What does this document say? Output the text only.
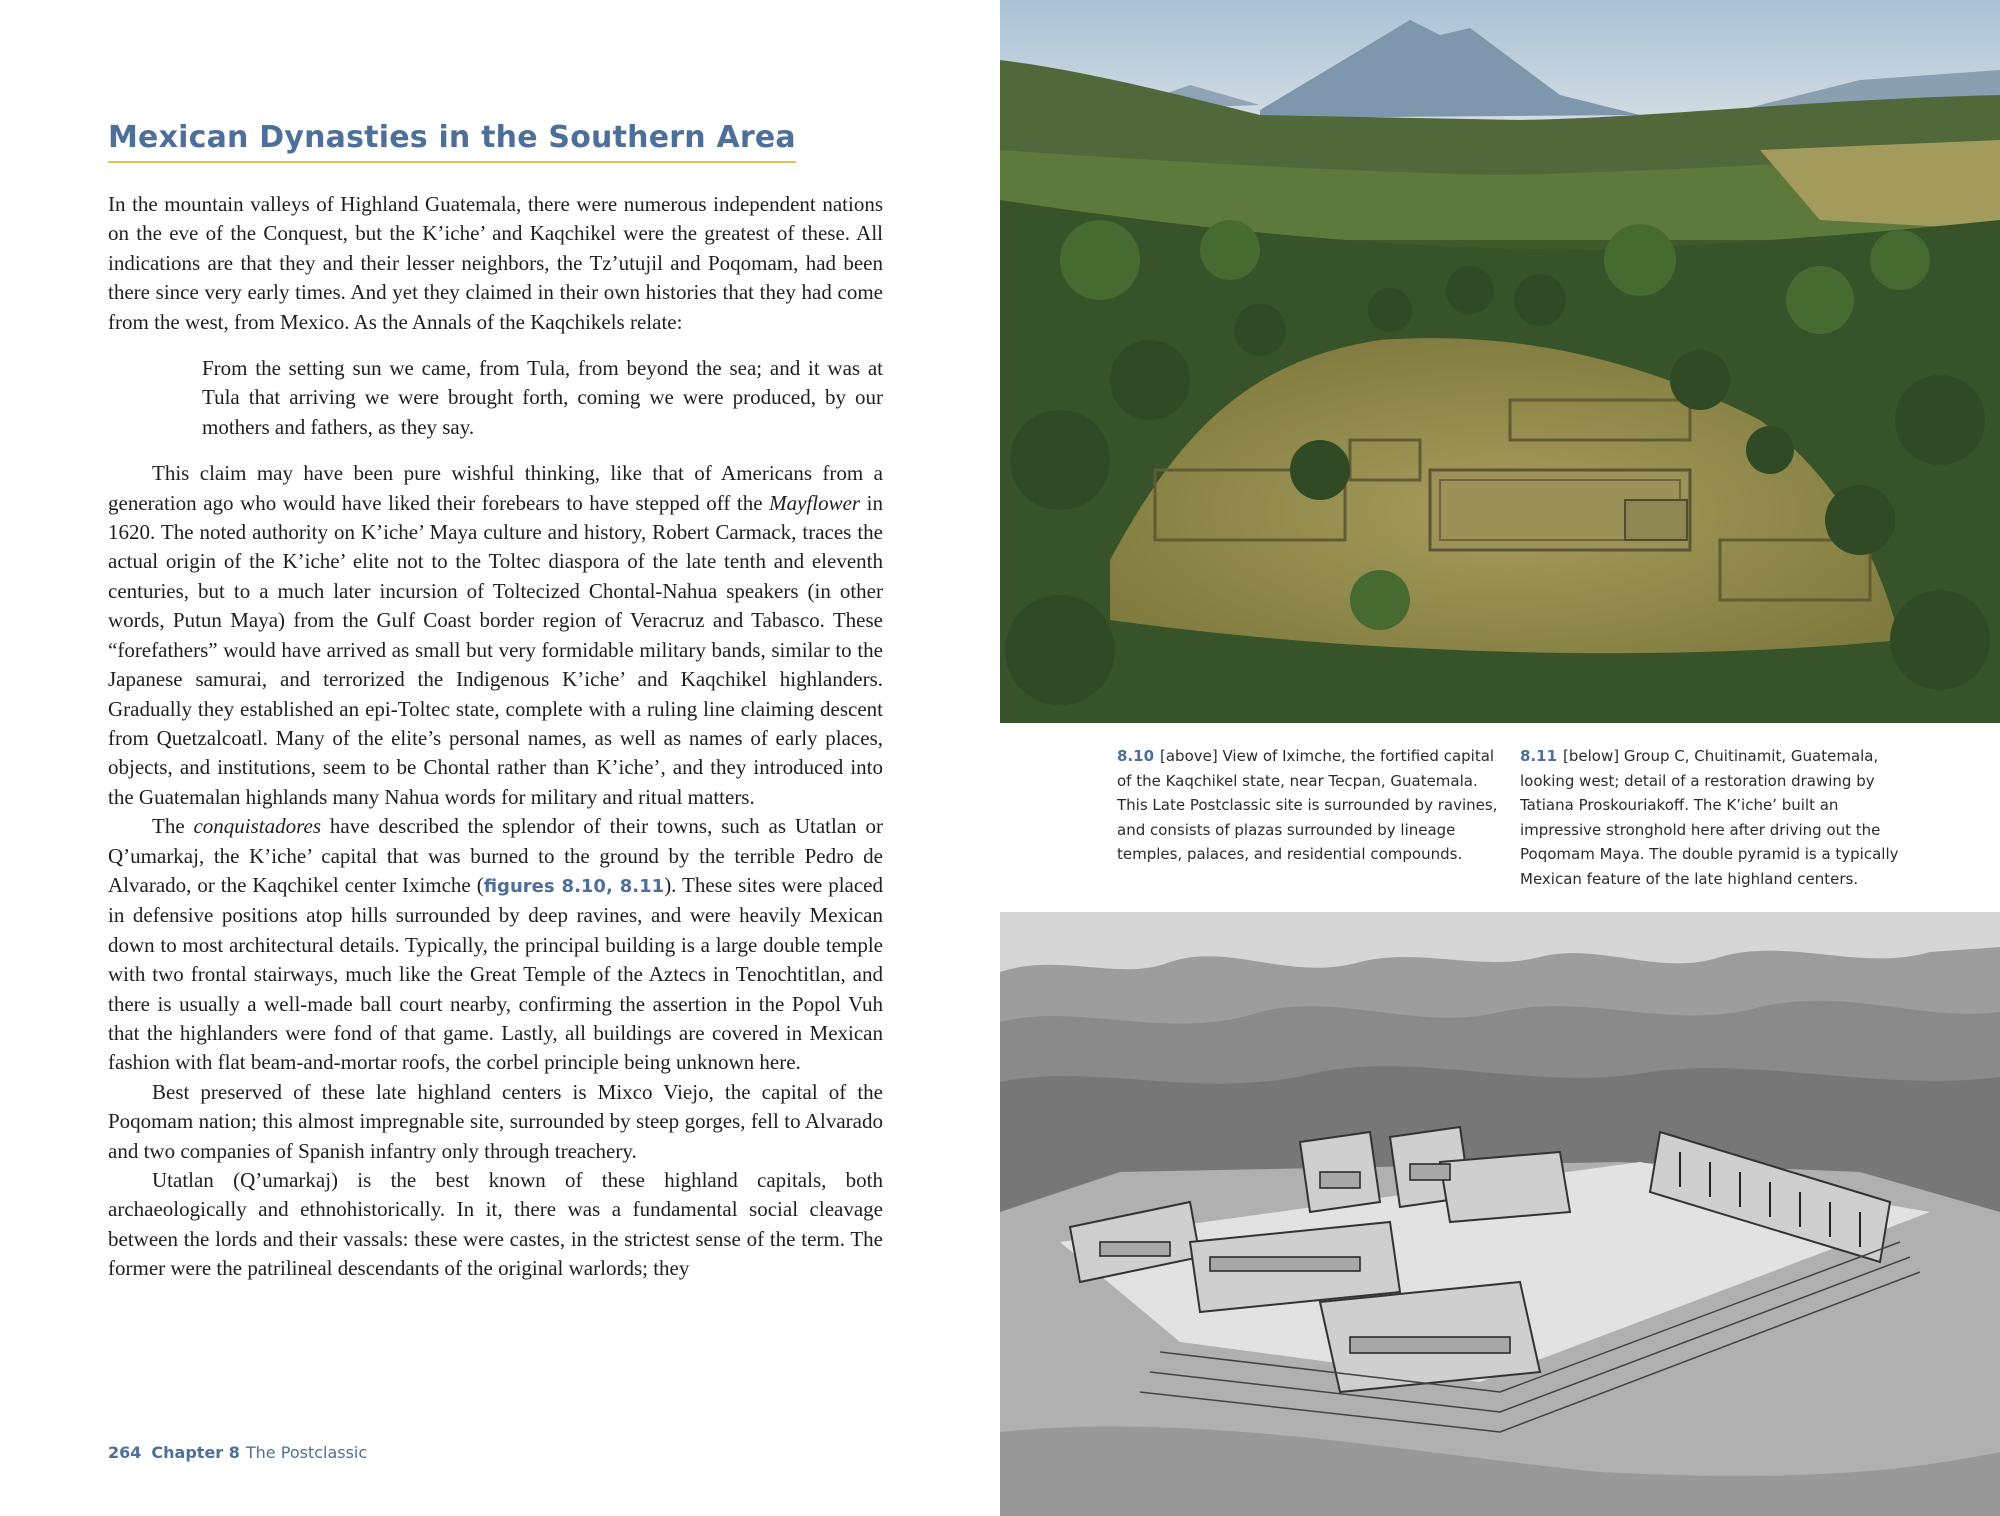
Mexican Dynasties in the Southern Area

In the mountain valleys of Highland Guatemala, there were numerous independent nations on the eve of the Conquest, but the K’iche’ and Kaqchikel were the greatest of these. All indications are that they and their lesser neighbors, the Tz’utujil and Poqomam, had been there since very early times. And yet they claimed in their own histories that they had come from the west, from Mexico. As the Annals of the Kaqchikels relate:

From the setting sun we came, from Tula, from beyond the sea; and it was at Tula that arriving we were brought forth, coming we were produced, by our mothers and fathers, as they say.

This claim may have been pure wishful thinking, like that of Americans from a generation ago who would have liked their forebears to have stepped off the Mayflower in 1620. The noted authority on K’iche’ Maya culture and history, Robert Carmack, traces the actual origin of the K’iche’ elite not to the Toltec diaspora of the late tenth and eleventh centuries, but to a much later incursion of Toltecized Chontal-Nahua speakers (in other words, Putun Maya) from the Gulf Coast border region of Veracruz and Tabasco. These “forefathers” would have arrived as small but very formidable military bands, similar to the Japanese samurai, and terrorized the Indigenous K’iche’ and Kaqchikel highlanders. Gradually they established an epi-Toltec state, complete with a ruling line claiming descent from Quetzalcoatl. Many of the elite’s personal names, as well as names of early places, objects, and institutions, seem to be Chontal rather than K’iche’, and they introduced into the Guatemalan highlands many Nahua words for military and ritual matters.

The conquistadores have described the splendor of their towns, such as Utatlan or Q’umarkaj, the K’iche’ capital that was burned to the ground by the terrible Pedro de Alvarado, or the Kaqchikel center Iximche (figures 8.10, 8.11). These sites were placed in defensive positions atop hills surrounded by deep ravines, and were heavily Mexican down to most architectural details. Typically, the principal building is a large double temple with two frontal stairways, much like the Great Temple of the Aztecs in Tenochtitlan, and there is usually a well-made ball court nearby, confirming the assertion in the Popol Vuh that the highlanders were fond of that game. Lastly, all buildings are covered in Mexican fashion with flat beam-and-mortar roofs, the corbel principle being unknown here.

Best preserved of these late highland centers is Mixco Viejo, the capital of the Poqomam nation; this almost impregnable site, surrounded by steep gorges, fell to Alvarado and two companies of Spanish infantry only through treachery.

Utatlan (Q’umarkaj) is the best known of these highland capitals, both archaeologically and ethnohistorically. In it, there was a fundamental social cleavage between the lords and their vassals: these were castes, in the strictest sense of the term. The former were the patrilineal descendants of the original warlords; they

264 Chapter 8 The Postclassic
8.10 [above] View of Iximche, the fortified capital of the Kaqchikel state, near Tecpan, Guatemala. This Late Postclassic site is surrounded by ravines, and consists of plazas surrounded by lineage temples, palaces, and residential compounds.
8.11 [below] Group C, Chuitinamit, Guatemala, looking west; detail of a restoration drawing by Tatiana Proskouriakoff. The K’iche’ built an impressive stronghold here after driving out the Poqomam Maya. The double pyramid is a typically Mexican feature of the late highland centers.
